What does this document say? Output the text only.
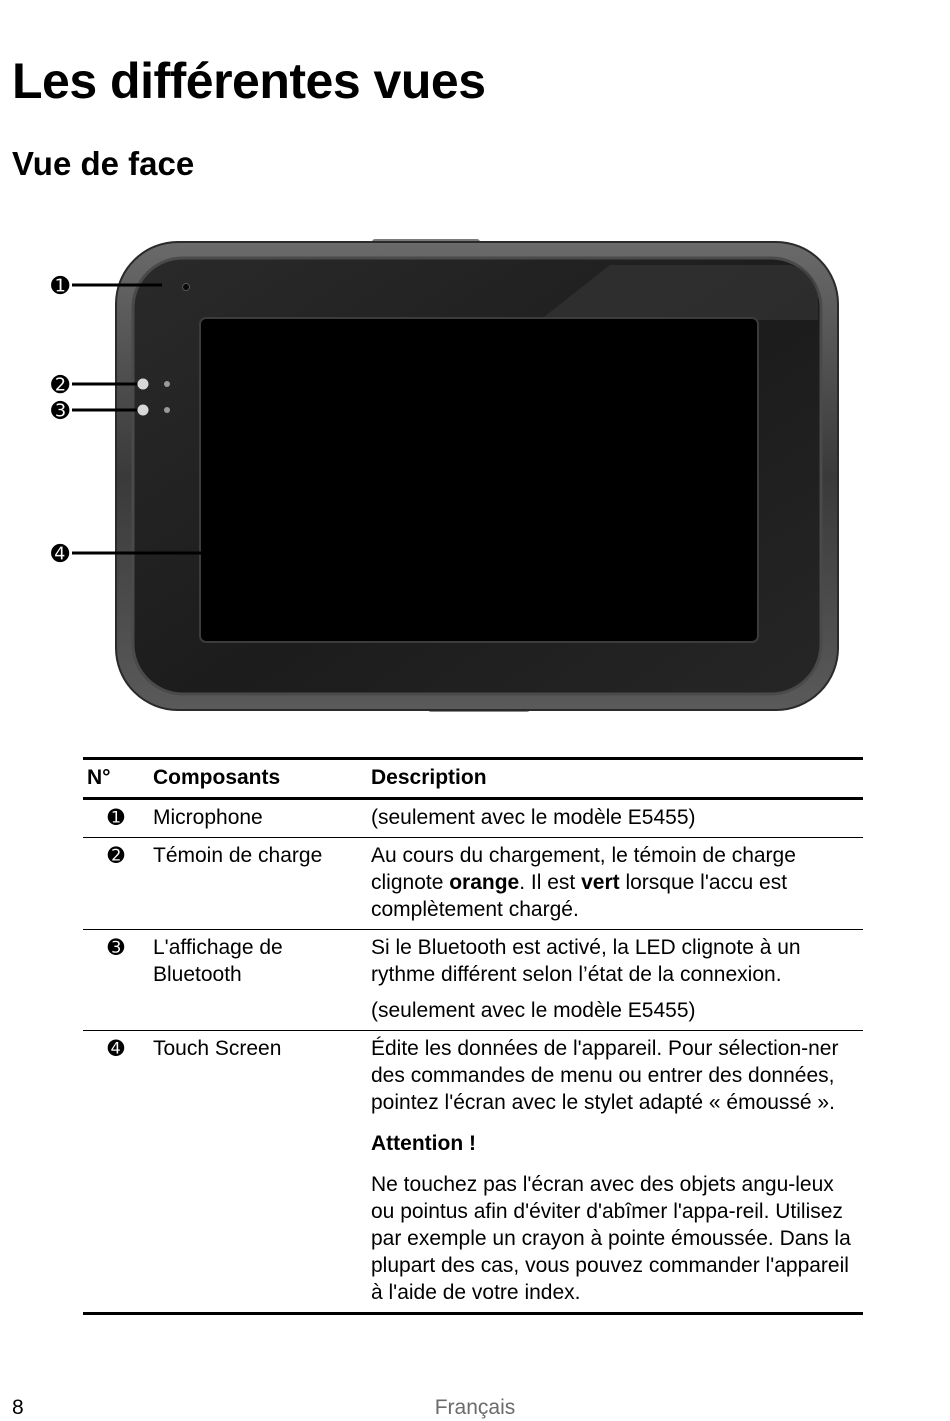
Les différentes vues
Vue de face
➊
➋
➌
➍
N°	Composants	Description
➊	Microphone	(seulement avec le modèle E5455)

➋	Témoin de charge	Au cours du chargement, le témoin de charge clignote orange. Il est vert lorsque l'accu est complètement chargé.

➌	L'affichage de Bluetooth	Si le Bluetooth est activé, la LED clignote à un rythme différent selon l’état de la connexion.

(seulement avec le modèle E5455)

➍	Touch Screen	Édite les données de l'appareil. Pour sélection-ner des commandes de menu ou entrer des données, pointez l'écran avec le stylet adapté « émoussé ».

Attention !

Ne touchez pas l'écran avec des objets angu-leux ou pointus afin d'éviter d'abîmer l'appa-reil. Utilisez par exemple un crayon à pointe émoussée. Dans la plupart des cas, vous pouvez commander l'appareil à l'aide de votre index.

8	Français
